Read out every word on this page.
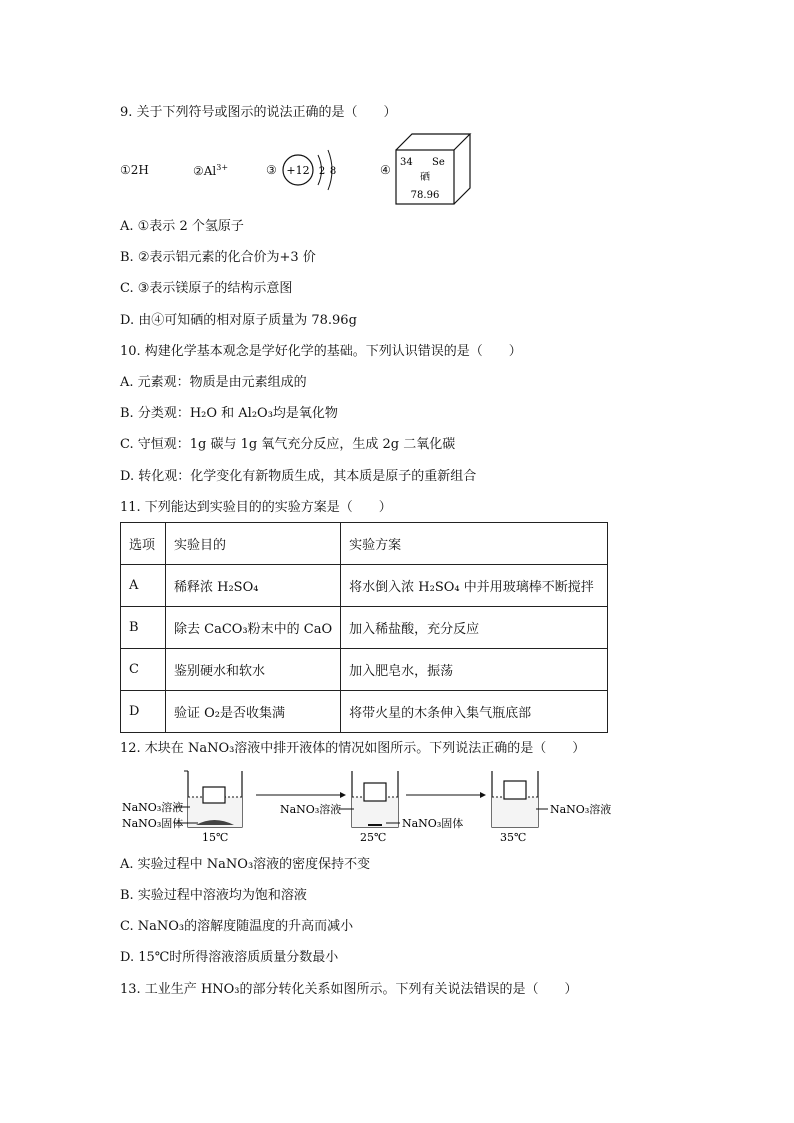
9. 关于下列符号或图示的说法正确的是（　　）
①2H	$②Al^{3+}$	③ +12 2 8	④
34 Se
硒
78.96
A. ①表示 2 个氢原子
B. ②表示铝元素的化合价为+3 价
C. ③表示镁原子的结构示意图
D. 由④可知硒的相对原子质量为 78.96g
10. 构建化学基本观念是学好化学的基础。下列认识错误的是（　　）
A. 元素观：物质是由元素组成的
B. 分类观：H₂O 和 Al₂O₃均是氧化物
C. 守恒观：1g 碳与 1g 氧气充分反应，生成 2g 二氧化碳
D. 转化观：化学变化有新物质生成，其本质是原子的重新组合
11. 下列能达到实验目的的实验方案是（　　）
选项	实验目的	实验方案
A	稀释浓 H₂SO₄	将水倒入浓 H₂SO₄ 中并用玻璃棒不断搅拌
B	除去 CaCO₃粉末中的 CaO	加入稀盐酸，充分反应
C	鉴别硬水和软水	加入肥皂水，振荡
D	验证 O₂是否收集满	将带火星的木条伸入集气瓶底部
12. 木块在 NaNO₃溶液中排开液体的情况如图所示。下列说法正确的是（　　）
NaNO₃溶液
NaNO₃固体
15℃
NaNO₃溶液
NaNO₃固体
25℃
NaNO₃溶液
35℃
A. 实验过程中 NaNO₃溶液的密度保持不变
B. 实验过程中溶液均为饱和溶液
C. NaNO₃的溶解度随温度的升高而减小
D. 15℃时所得溶液溶质质量分数最小
13. 工业生产 HNO₃的部分转化关系如图所示。下列有关说法错误的是（　　）
